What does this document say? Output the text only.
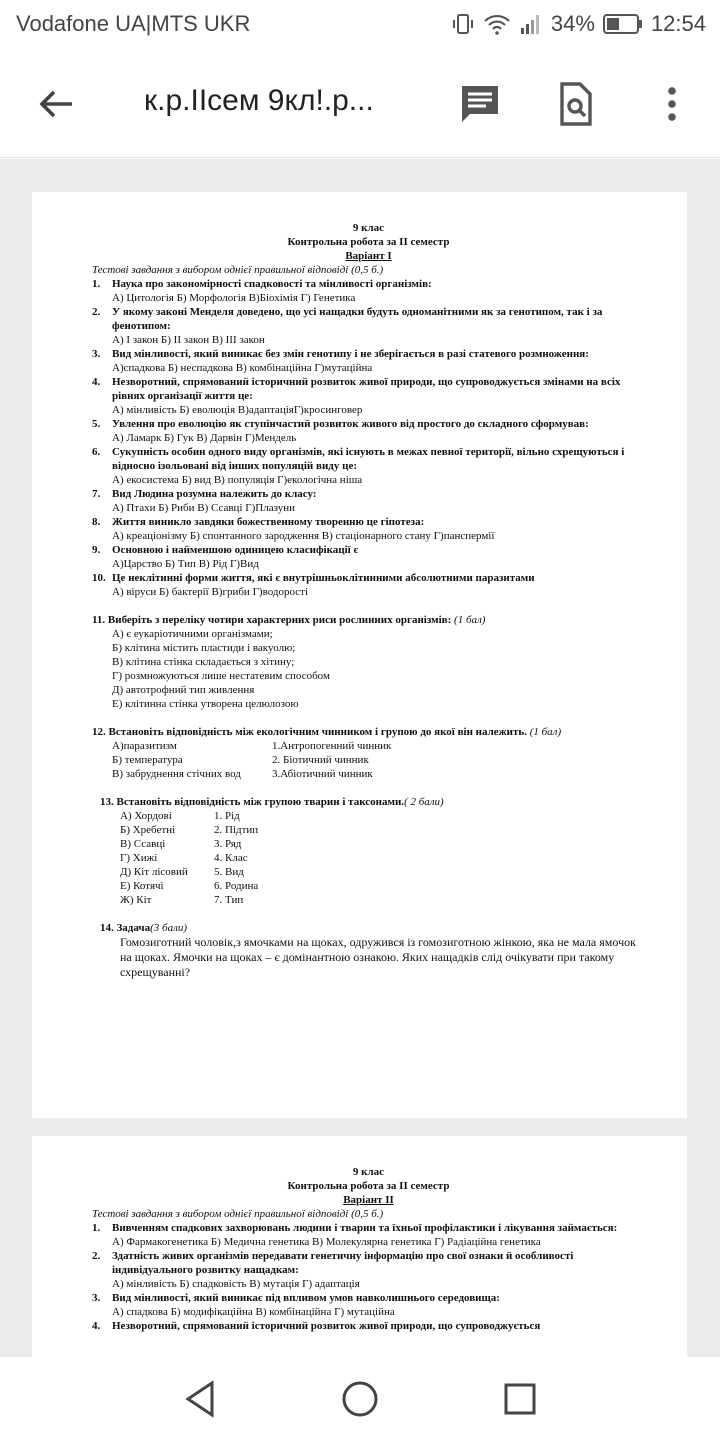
Vodafone UA|MTS UKR	34%	12:54
к.р.IIсем 9кл!.р...
9 клас
Контрольна робота за II семестр
Варіант I
Тестові завдання з вибором однієї правильної відповіді (0,5 б.)
1.	Наука про закономірності спадковості та мінливості організмів:
А) Цитологія Б) Морфологія В)Біохімія Г) Генетика
2.	У якому законі Менделя доведено, що усі нащадки будуть одноманітними як за генотипом, так і за фенотипом:
А) I закон Б) II закон В) III закон
3.	Вид мінливості, який виникає без змін генотипу і не зберігається в разі статевого розмноження:
А)спадкова Б) неспадкова В) комбінаційна Г)мутаційна
4.	Незворотний, спрямований історичний розвиток живої природи, що супроводжується змінами на всіх рівнях організації життя це:
А) мінливість Б) еволюція В)адаптаціяГ)кросинговер
5.	Увлення про еволюцію як ступінчастий розвиток живого від простого до складного сформував:
А) Ламарк Б) Гук В) Дарвін Г)Мендель
6.	Сукупність особин одного виду організмів, які існують в межах певної території, вільно схрещуються і відносно ізольовані від інших популяцій виду це:
А) екосистема Б) вид В) популяція Г)екологічна ніша
7.	Вид Людина розумна належить до класу:
А) Птахи Б) Риби В) Ссавці Г)Плазуни
8.	Життя виникло завдяки божественному творенню це гіпотеза:
А) креаціонізму Б) спонтанного зародження В) стаціонарного стану Г)панспермії
9.	Основною і найменшою одиницею класифікації є
А)Царство Б) Тип В) Рід Г)Вид
10. Це неклітинні форми життя, які є внутрішньоклітинними абсолютними паразитами
А) віруси Б) бактерії В)гриби Г)водорості
11. Виберіть з переліку чотири характерних риси рослинних організмів: (1 бал)
А) є еукаріотичними організмами;
Б) клітина містить пластиди і вакуолю;
В) клітина стінка складається з хітину;
Г) розмножуються лише нестатевим способом
Д) автотрофний тип живлення
Е) клітинна стінка утворена целюлозою
12. Встановіть відповідність між екологічним чинником і групою до якої він належить. (1 бал)
А)паразитизм	1.Антропогенний чинник
Б) температура	2. Біотичний чинник
В) забруднення стічних вод	3.Абіотичний чинник
13. Встановіть відповідність між групою тварин і таксонами.( 2 бали)
А) Хордові	1. Рід
Б) Хребетні	2. Підтип
В) Ссавці	3. Ряд
Г) Хижі	4. Клас
Д) Кіт лісовий	5. Вид
Е) Котячі	6. Родина
Ж) Кіт	7. Тип
14. Задача(3 бали)
Гомозиготний чоловік,з ямочками на щоках, одружився із гомозиготною жінкою, яка не мала ямочок на щоках. Ямочки на щоках – є домінантною ознакою. Яких нащадків слід очікувати при такому схрещуванні?
9 клас
Контрольна робота за II семестр
Варіант II
Тестові завдання з вибором однієї правильної відповіді (0,5 б.)
1.	Вивченням спадкових захворювань людини і тварин та їхньої профілактики і лікування займається:
А) Фармакогенетика Б) Медична генетика В) Молекулярна генетика Г) Радіаційна генетика
2.	Здатність живих організмів передавати генетичну інформацію про свої ознаки й особливості індивідуального розвитку нащадкам:
А) мінливість Б) спадковість В) мутація Г) адаптація
3.	Вид мінливості, який виникає під впливом умов навколишнього середовища:
А) спадкова Б) модифікаційна В) комбінаційна Г) мутаційна
4.	Незворотний, спрямований історичний розвиток живої природи, що супроводжується
